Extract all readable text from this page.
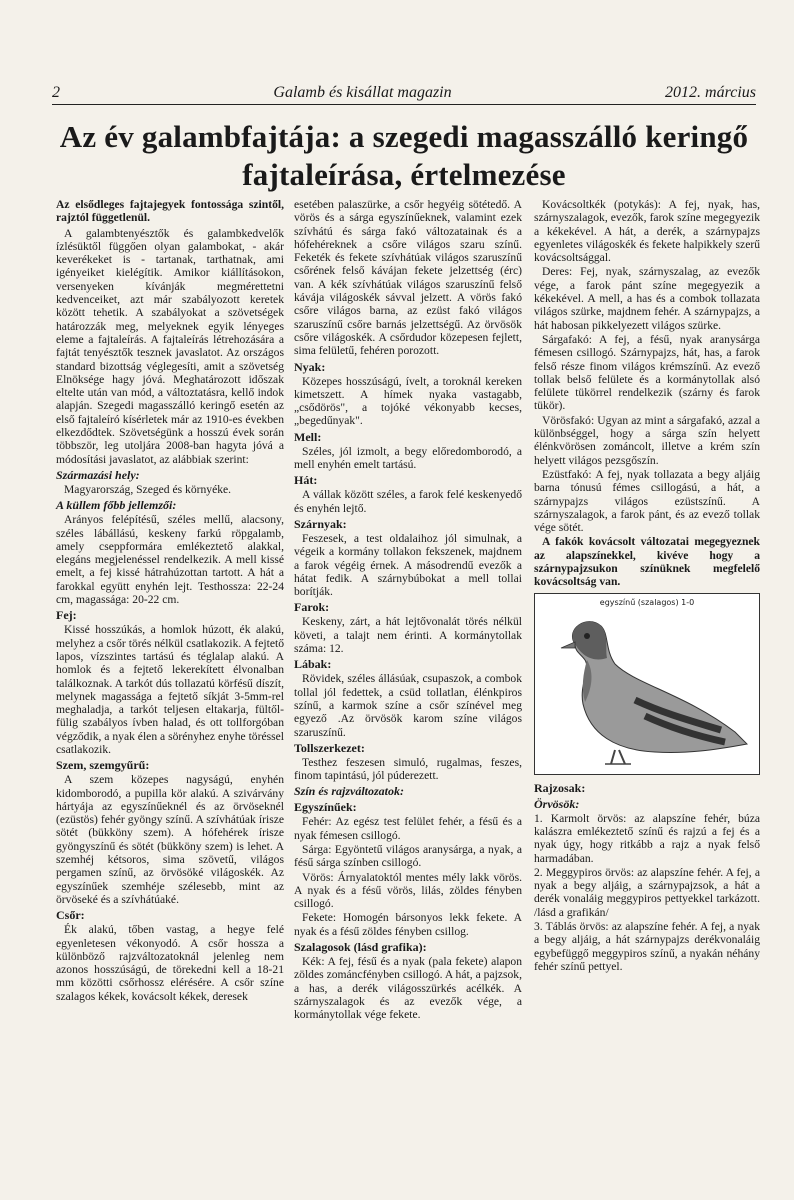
2	Galamb és kisállat magazin	2012. március
Az év galambfajtája: a szegedi magasszálló keringő
fajtaleírása, értelmezése

Az elsődleges fajtajegyek fontossága szintől, rajztól függetlenül.

A galambtenyésztők és galambkedvelők ízlésüktől függően olyan galambokat, - akár keverékeket is - tartanak, tarthatnak, ami igényeiket kielégítik. Amikor kiállításokon, versenyeken kívánják megmérettetni kedvenceiket, azt már szabályozott keretek között tehetik. A szabályokat a szövetségek határozzák meg, melyeknek egyik lényeges eleme a fajtaleírás. A fajtaleírás létrehozására a fajtát tenyésztők tesznek javaslatot. Az országos standard bizottság véglegesíti, amit a szövetség Elnöksége hagy jóvá. Meghatározott időszak eltelte után van mód, a változtatásra, kellő indok alapján. Szegedi magasszálló keringő esetén az első fajtaleíró kísérletek már az 1910-es években elkezdődtek. Szövetségünk a hosszú évek során többször, leg utoljára 2008-ban hagyta jóvá a módosítási javaslatot, az alábbiak szerint:

Származási hely:

Magyarország, Szeged és környéke.

A küllem főbb jellemzői:

Arányos felépítésű, széles mellű, alacsony, széles lábállású, keskeny farkú röpgalamb, amely cseppformára emlékeztető alakkal, elegáns megjelenéssel rendelkezik. A mell kissé emelt, a fej kissé hátrahúzottan tartott. A hát a farokkal együtt enyhén lejt. Testhossza: 22-24 cm, magassága: 20-22 cm.

Fej:

Kissé hosszúkás, a homlok húzott, ék alakú, melyhez a csőr törés nélkül csatlakozik. A fejtető lapos, vízszintes tartású és téglalap alakú. A homlok és a fejtető lekerekített élvonalban találkoznak. A tarkót dús tollazatú körfésű díszít, melynek magassága a fejtető síkját 3-5mm-rel meghaladja, a tarkót teljesen eltakarja, fültől-fülig szabályos ívben halad, és ott tollforgóban végződik, a nyak élen a sörényhez enyhe töréssel csatlakozik.

Szem, szemgyűrű:

A szem közepes nagyságú, enyhén kidomborodó, a pupilla kör alakú. A szivárvány hártyája az egyszínűeknél és az örvöseknél (ezüstös) fehér gyöngy színű. A szívhátúak íriszе sötét (bükköny szem). A hófehérek írisze gyöngyszínű és sötét (bükköny szem) is lehet. A szemhéj kétsoros, sima szövetű, világos pergamen színű, az örvösöké világoskék. Az egyszínűek szemhéje szélesebb, mint az örvöseké és a szívhátúaké.

Csőr:

Ék alakú, tőben vastag, a hegye felé egyenletesen vékonyodó. A csőr hossza a különböző rajzváltozatoknál jelenleg nem azonos hosszúságú, de törekedni kell a 18-21 mm közötti csőrhossz elérésére. A csőr színe szalagos kékek, kovácsolt kékek, deresek

esetében palaszürke, a csőr hegyéig sötétedő. A vörös és a sárga egyszínűeknek, valamint ezek szívhátú és sárga fakó változatainak és a hófehéreknek a csőre világos szaru színű. Feketék és fekete szívhátúak világos szaruszínű csőrének felső kávájan fekete jelzettség (érc) van. A kék szívhátúak világos szaruszínű felső kávája világoskék sávval jelzett. A vörös fakó csőre világos barna, az ezüst fakó világos szaruszínű csőre barnás jelzettségű. Az örvösök csőre világoskék. A csőrdudor közepesen fejlett, sima felületű, fehéren porozott.

Nyak:

Közepes hosszúságú, ívelt, a toroknál kereken kimetszett. A hímek nyaka vastagabb, „csődörös", a tojóké vékonyabb kecses, „begedűnyak".

Mell:

Széles, jól izmolt, a begy előredomborodó, a mell enyhén emelt tartású.

Hát:

A vállak között széles, a farok felé keskenyedő és enyhén lejtő.

Szárnyak:

Feszesek, a test oldalaihoz jól simulnak, a végeik a kormány tollakon fekszenek, majdnem a farok végéig érnek. A másodrendű evezők a hátat fedik. A szárnybúbokat a mell tollai borítják.

Farok:

Keskeny, zárt, a hát lejtővonalát törés nélkül követi, a talajt nem érinti. A kormánytollak száma: 12.

Lábak:

Rövidek, széles állásúak, csupaszok, a combok tollal jól fedettek, a csüd tollatlan, élénkpiros színű, a karmok színe a csőr színével meg egyező .Az örvösök karom színe világos szaruszínű.

Tollszerkezet:

Testhez feszesen simuló, rugalmas, feszes, finom tapintású, jól púderezett.

Szín és rajzváltozatok:
Egyszínűek:

Fehér: Az egész test felület fehér, a fésű és a nyak fémesen csillogó.

Sárga: Egyöntetű világos aranysárga, a nyak, a fésű sárga színben csillogó.

Vörös: Árnyalatoktól mentes mély lakk vörös. A nyak és a fésű vörös, lilás, zöldes fényben csillogó.

Fekete: Homogén bársonyos lekk fekete. A nyak és a fésű zöldes fényben csillog.

Szalagosok (lásd grafika):

Kék: A fej, fésű és a nyak (pala fekete) alapon zöldes zománcfényben csillogó. A hát, a pajzsok, a has, a derék világosszürkés acélkék. A szárnyszalagok és az evezők vége, a kormánytollak vége fekete.

Kovácsoltkék (potykás): A fej, nyak, has, szárnyszalagok, evezők, farok színe megegyezik a kékekével. A hát, a derék, a szárnypajzs egyenletes világoskék és fekete halpikkely szerű kovácsoltsággal.

Deres: Fej, nyak, szárnyszalag, az evezők vége, a farok pánt színe megegyezik a kékekével. A mell, a has és a combok tollazata világos szürke, majdnem fehér. A szárnypajzs, a hát habosan pikkelyezett világos szürke.

Sárgafakó: A fej, a fésű, nyak aranysárga fémesen csillogó. Szárnypajzs, hát, has, a farok felső része finom világos krémszínű. Az evező tollak belső felülete és a kormánytollak alsó felülete tükörrel rendelkezik (szárny és farok tükör).

Vörösfakó: Ugyan az mint a sárgafakó, azzal a különbséggel, hogy a sárga szín helyett élénkvörösen zománcolt, illetve a krém szín helyett világos pezsgőszín.

Ezüstfakó: A fej, nyak tollazata a begy aljáig barna tónusú fémes csillogású, a hát, a szárnypajzs világos ezüstszínű. A szárnyszalagok, a farok pánt, és az evező tollak vége sötét.

A fakók kovácsolt változatai megegyeznek az alapszínekkel, kivéve hogy a szárnypajzsukon színüknek megfelelő kovácsoltság van.

egyszínű (szalagos) 1-0
Rajzosak:
Örvösök:

1. Karmolt örvös: az alapszíne fehér, búza kalászra emlékeztető színű és rajzú a fej és a nyak úgy, hogy ritkább a rajz a nyak felső harmadában.

2. Meggypiros örvös: az alapszíne fehér. A fej, a nyak a begy aljáig, a szárnypajzsok, a hát a derék vonaláig meggypiros pettyekkel tarkázott. /lásd a grafikán/

3. Táblás örvös: az alapszíne fehér. A fej, a nyak a begy aljáig, a hát szárnypajzs derékvonaláig egybefüggő meggypiros színű, a nyakán néhány fehér színű pettyel.
